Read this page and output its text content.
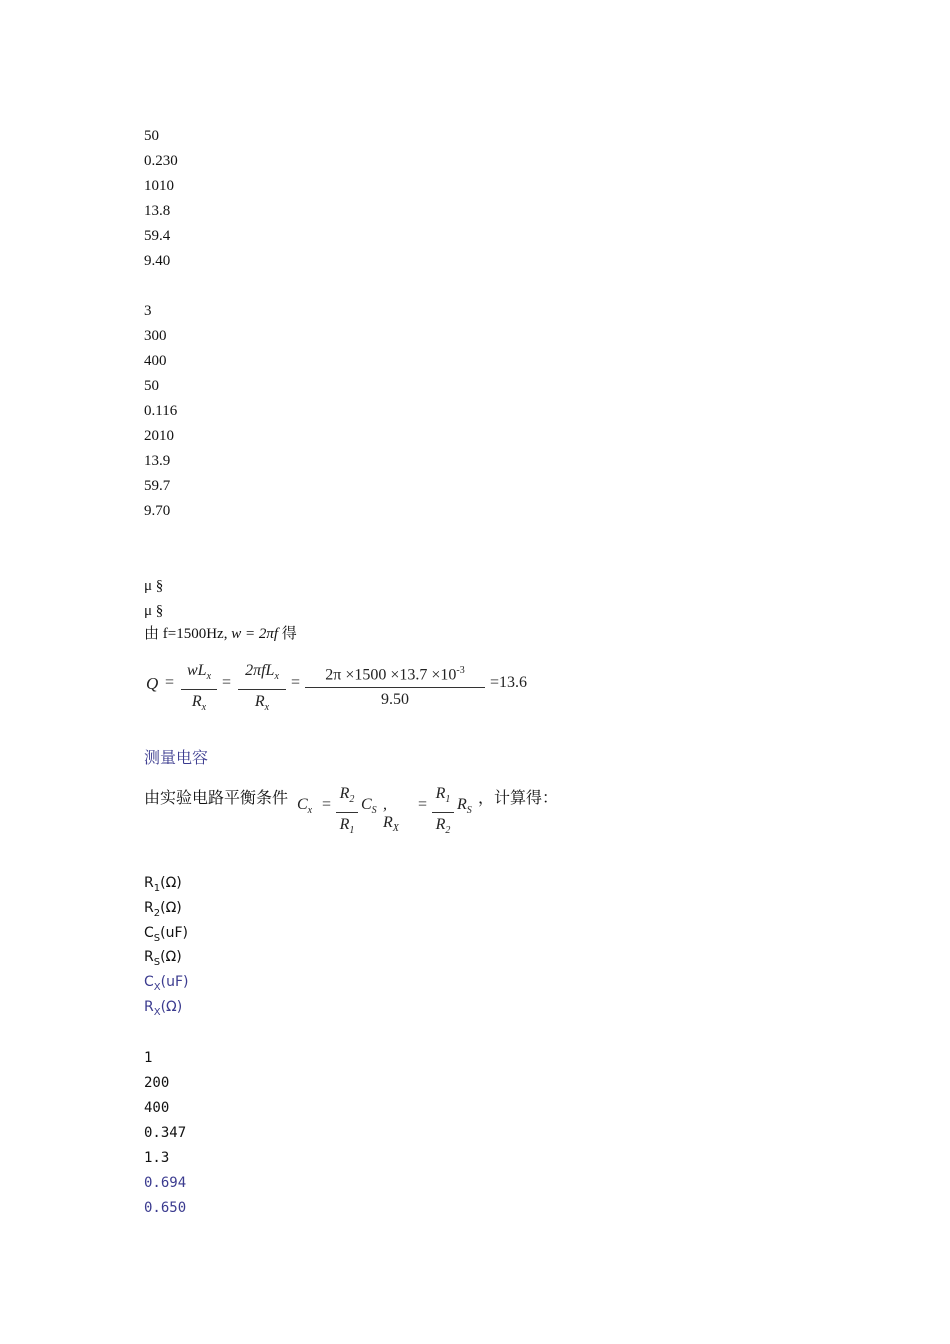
50
0.230
1010
13.8
59.4
9.40
3
300
400
50
0.116
2010
13.9
59.7
9.70
μ §
μ §
由 f=1500Hz, w = 2πf 得
Q =
$wL_x$
$R_x$
=
2πfL$_x$
$R_x$
=	$2\pi \times 1500 \times 13.7 \times 10^{-3}$
9.50
=13.6
测量电容
由实验电路平衡条件 $C_x$ =
$R_2$
$R_1$
$C_S$ , $R_X$
=
$R_1$
$R_2$
$R_S$
，计算得：
$R_1(\Omega)$
$R_2(\Omega)$
$C_S(uF)$
$R_S(\Omega)$
$C_X(uF)$
$R_X(\Omega)$
1
200
400
0.347
1.3
0.694
0.650
